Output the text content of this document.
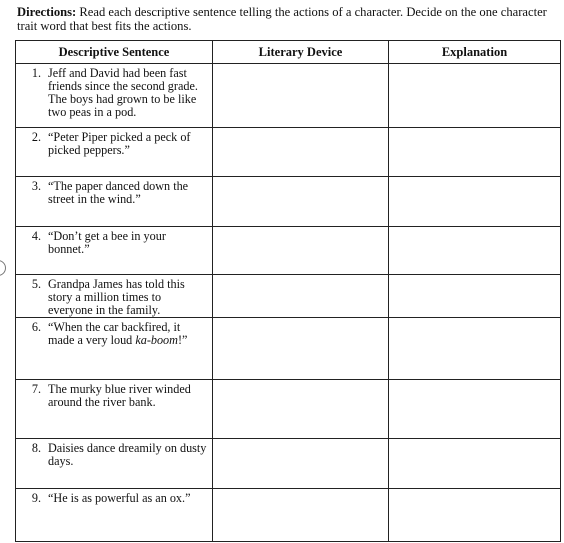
Directions: Read each descriptive sentence telling the actions of a character. Decide on the one character trait word that best fits the actions.
Descriptive Sentence	Literary Device	Explanation

1. Jeff and David had been fast friends since the second grade. The boys had grown to be like two peas in a pod.		

2. “Peter Piper picked a peck of picked peppers.”		

3. “The paper danced down the street in the wind.”		

4. “Don’t get a bee in your bonnet.”		

5. Grandpa James has told this story a million times to everyone in the family.		

6. “When the car backfired, it made a very loud ka-boom!”		

7. The murky blue river winded around the river bank.		

8. Daisies dance dreamily on dusty days.		

9. “He is as powerful as an ox.”		
